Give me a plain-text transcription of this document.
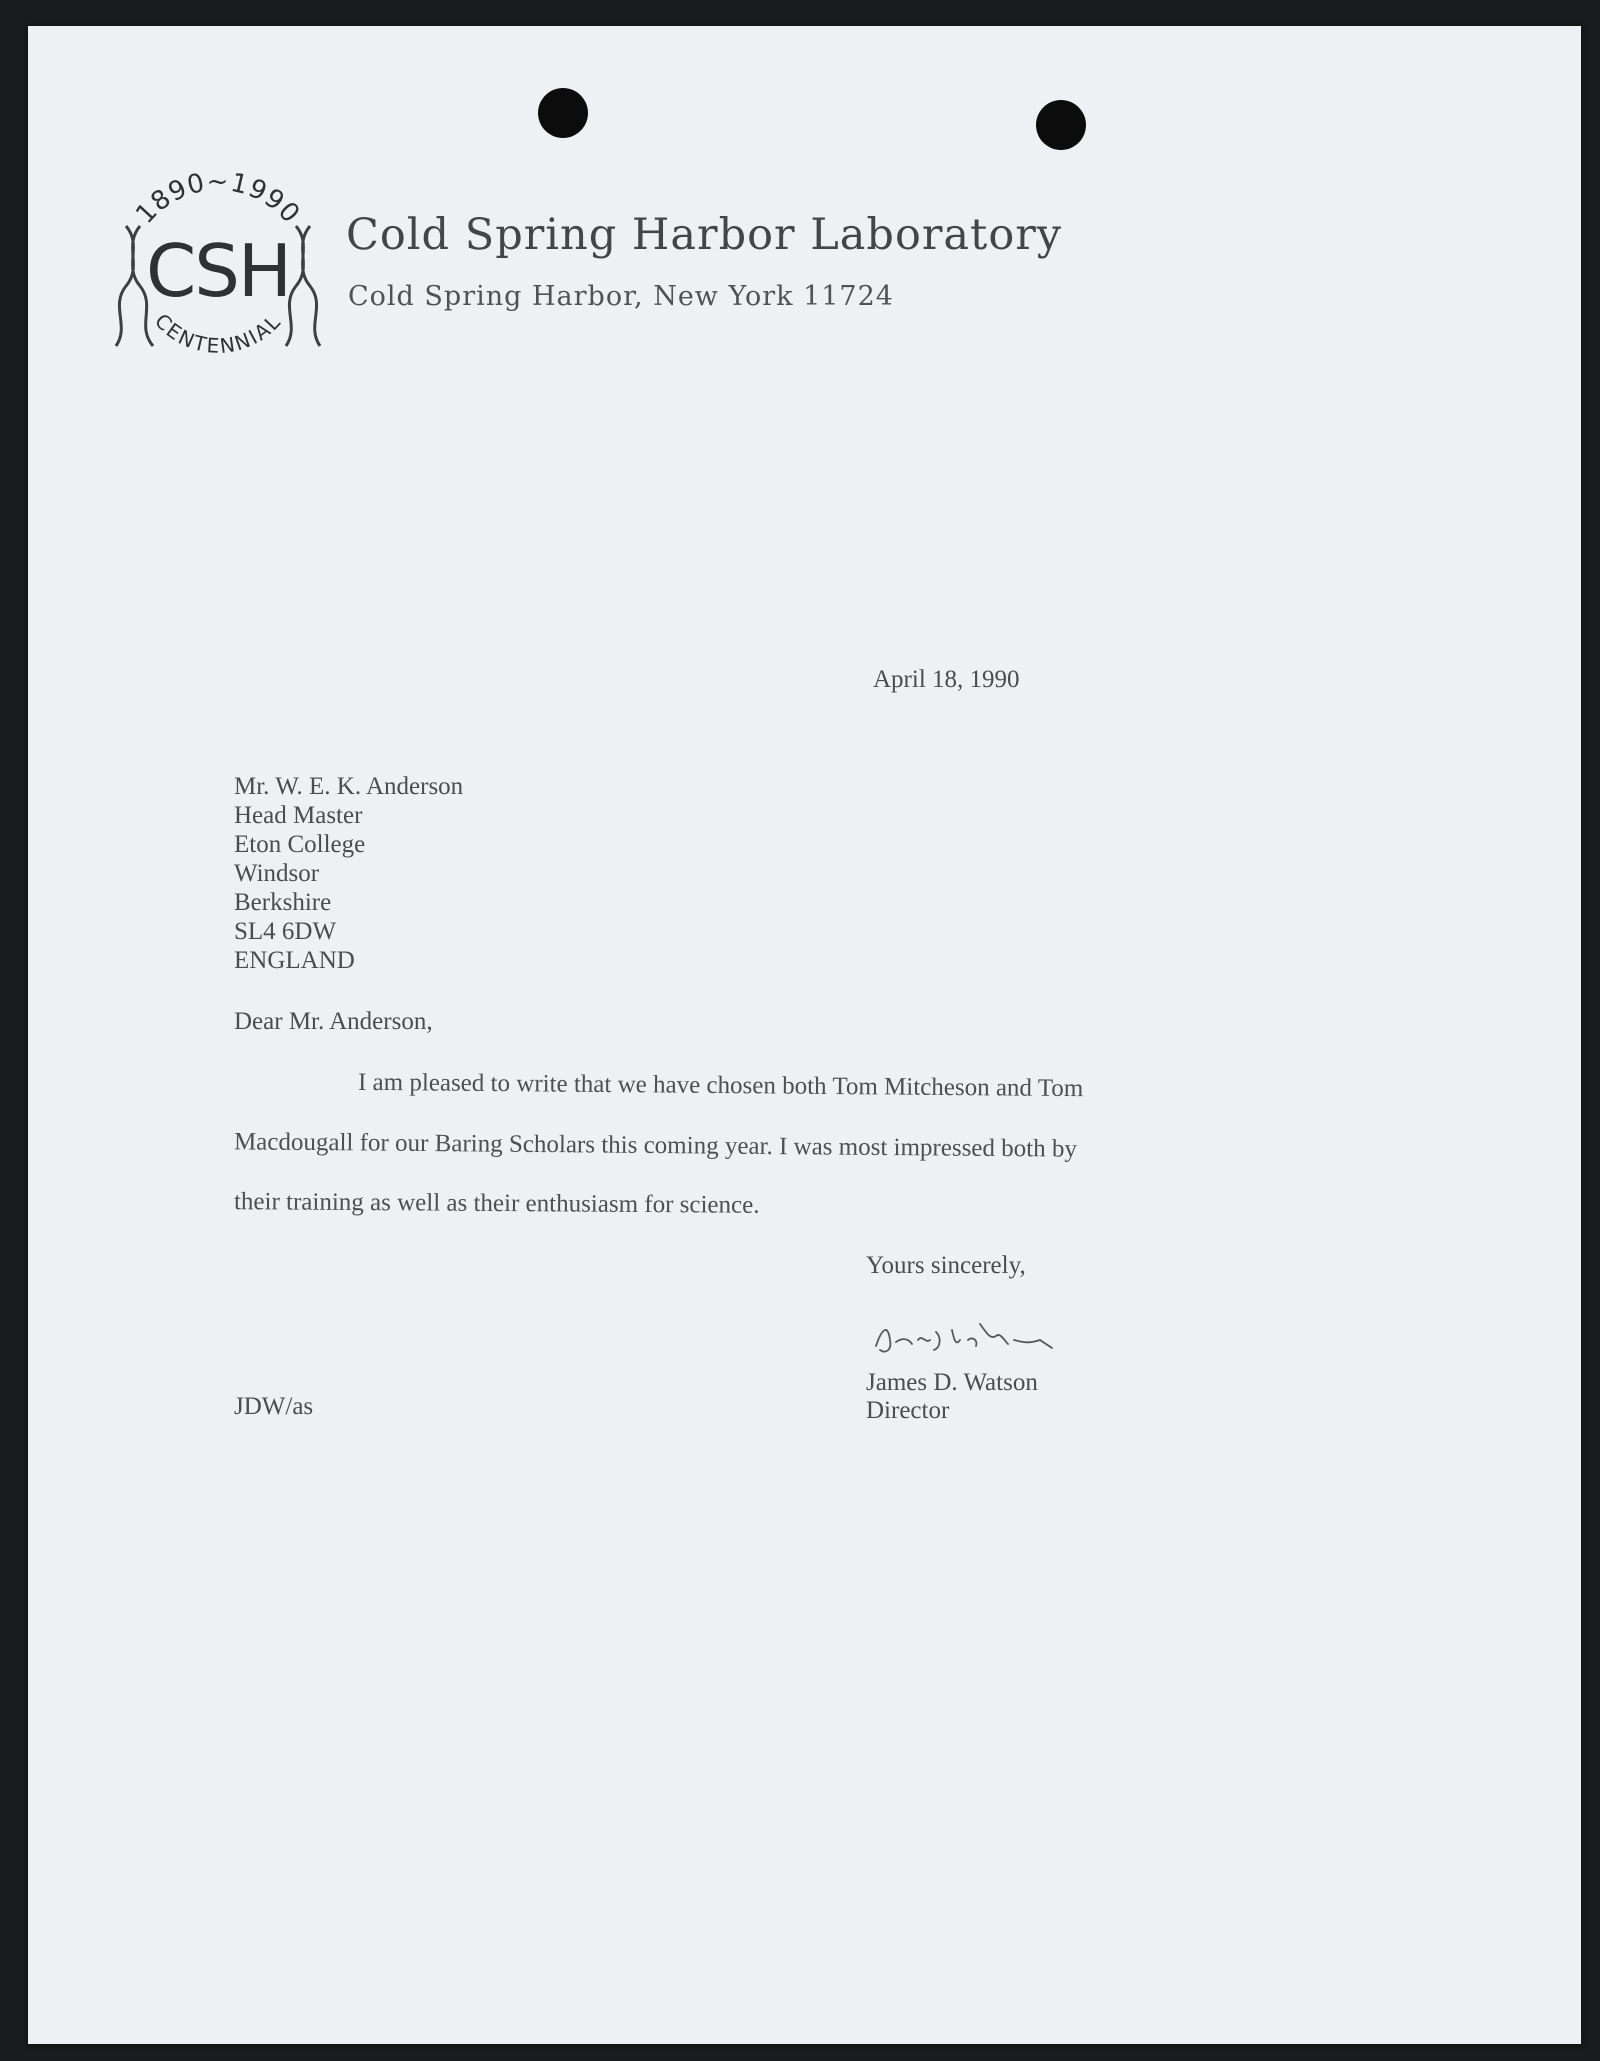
1890~1990
CSH
CENTENNIAL
Cold Spring Harbor Laboratory
Cold Spring Harbor, New York 11724
April 18, 1990
Mr. W. E. K. Anderson
Head Master
Eton College
Windsor
Berkshire
SL4 6DW
ENGLAND
Dear Mr. Anderson,
I am pleased to write that we have chosen both Tom Mitcheson and Tom
Macdougall for our Baring Scholars this coming year. I was most impressed both by
their training as well as their enthusiasm for science.
Yours sincerely,
James D. Watson
Director
JDW/as
